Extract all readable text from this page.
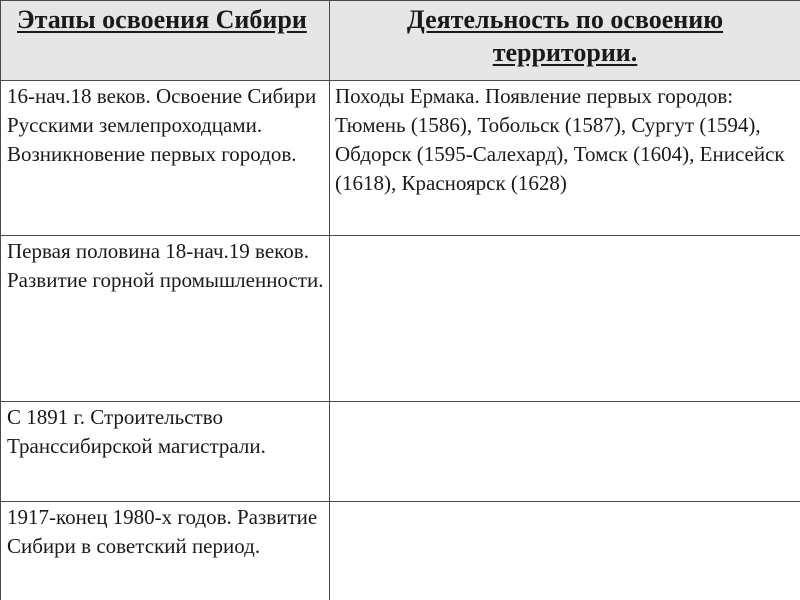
Этапы освоения Сибири	Деятельность по освоению территории.
16-нач.18 веков. Освоение Сибири Русскими землепроходцами. Возникновение первых городов.	Походы Ермака. Появление первых городов: Тюмень (1586), Тобольск (1587), Сургут (1594), Обдорск (1595-Салехард), Томск (1604), Енисейск (1618), Красноярск (1628)
Первая половина 18-нач.19 веков. Развитие горной промышленности.	
С 1891 г. Строительство Транссибирской магистрали.	
1917-конец 1980-х годов. Развитие Сибири в советский период.	
